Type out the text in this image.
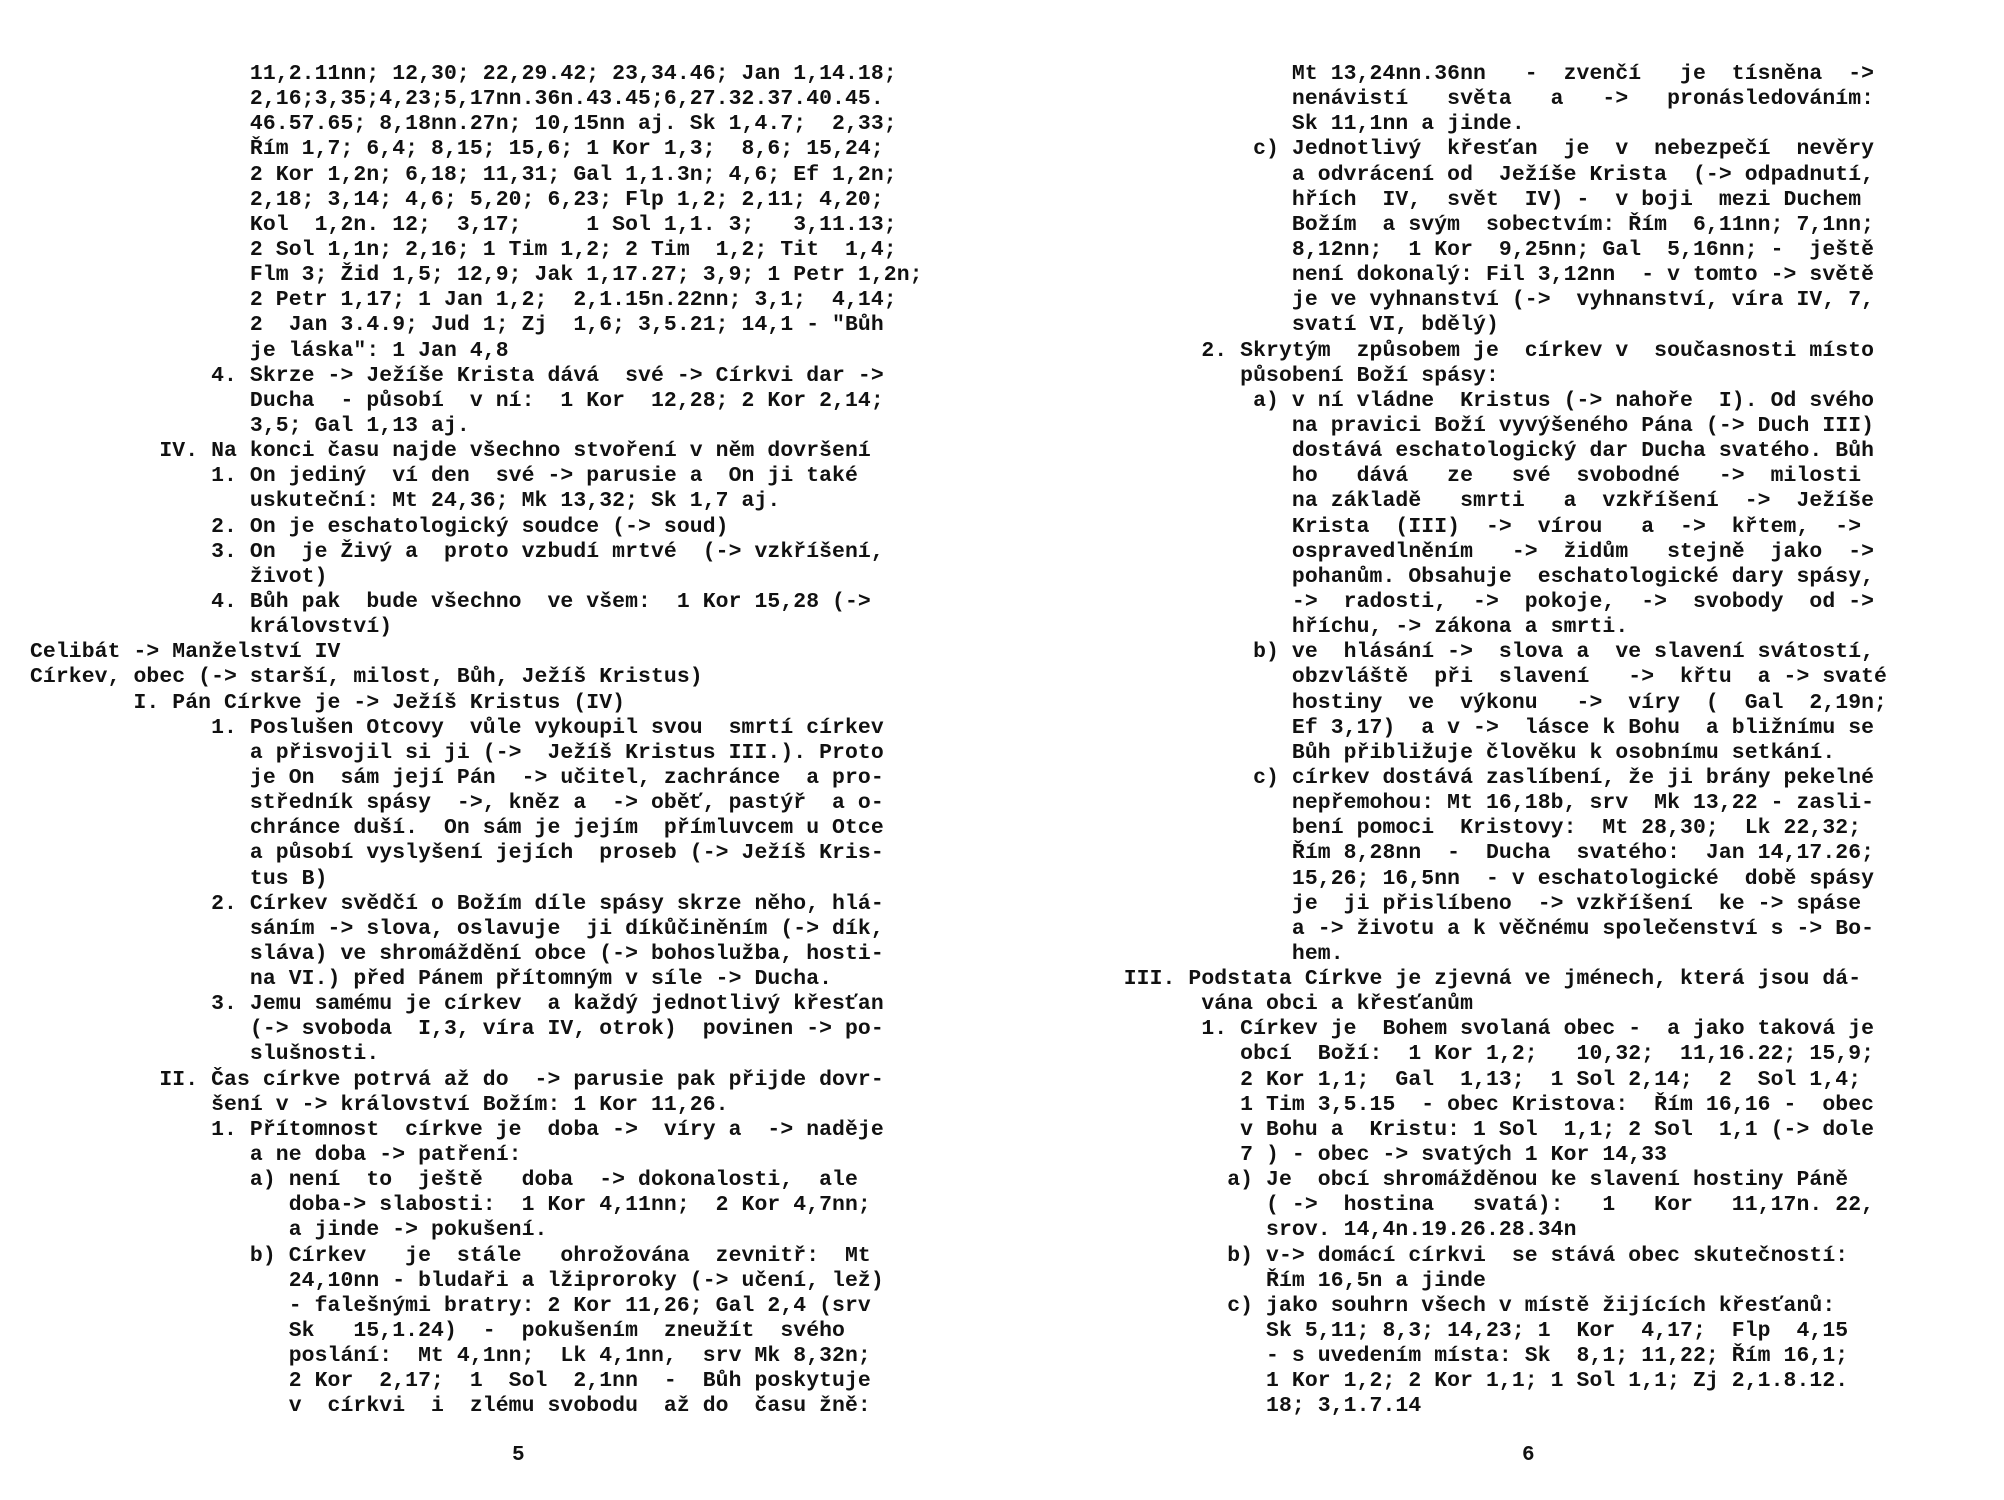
11,2.11nn; 12,30; 22,29.42; 23,34.46; Jan 1,14.18;
2,16;3,35;4,23;5,17nn.36n.43.45;6,27.32.37.40.45.
46.57.65; 8,18nn.27n; 10,15nn aj. Sk 1,4.7;  2,33;
Řím 1,7; 6,4; 8,15; 15,6; 1 Kor 1,3;  8,6; 15,24;
2 Kor 1,2n; 6,18; 11,31; Gal 1,1.3n; 4,6; Ef 1,2n;
2,18; 3,14; 4,6; 5,20; 6,23; Flp 1,2; 2,11; 4,20;
Kol  1,2n. 12;  3,17;     1 Sol 1,1. 3;   3,11.13;
2 Sol 1,1n; 2,16; 1 Tim 1,2; 2 Tim  1,2; Tit  1,4;
Flm 3; Žid 1,5; 12,9; Jak 1,17.27; 3,9; 1 Petr 1,2n;
2 Petr 1,17; 1 Jan 1,2;  2,1.15n.22nn; 3,1;  4,14;
2  Jan 3.4.9; Jud 1; Zj  1,6; 3,5.21; 14,1 - "Bůh
je láska": 1 Jan 4,8
4. Skrze -> Ježíše Krista dává  své -> Církvi dar ->
Ducha  - působí  v ní:  1 Kor  12,28; 2 Kor 2,14;
3,5; Gal 1,13 aj.
IV. Na konci času najde všechno stvoření v něm dovršení
1. On jediný  ví den  své -> parusie a  On ji také
uskuteční: Mt 24,36; Mk 13,32; Sk 1,7 aj.
2. On je eschatologický soudce (-> soud)
3. On  je Živý a  proto vzbudí mrtvé  (-> vzkříšení,
život)
4. Bůh pak  bude všechno  ve všem:  1 Kor 15,28 (->
království)
Celibát -> Manželství IV
Církev, obec (-> starší, milost, Bůh, Ježíš Kristus)
I. Pán Církve je -> Ježíš Kristus (IV)
1. Poslušen Otcovy  vůle vykoupil svou  smrtí církev
a přisvojil si ji (->  Ježíš Kristus III.). Proto
je On  sám její Pán  -> učitel, zachránce  a pro-
středník spásy  ->, kněz a  -> oběť, pastýř  a o-
chránce duší.  On sám je jejím  přímluvcem u Otce
a působí vyslyšení jejích  proseb (-> Ježíš Kris-
tus B)
2. Církev svědčí o Božím díle spásy skrze něho, hlá-
sáním -> slova, oslavuje  ji díkůčiněním (-> dík,
sláva) ve shromáždění obce (-> bohoslužba, hosti-
na VI.) před Pánem přítomným v síle -> Ducha.
3. Jemu samému je církev  a každý jednotlivý křesťan
(-> svoboda  I,3, víra IV, otrok)  povinen -> po-
slušnosti.
II. Čas církve potrvá až do  -> parusie pak přijde dovr-
šení v -> království Božím: 1 Kor 11,26.
1. Přítomnost  církve je  doba ->  víry a  -> naděje
a ne doba -> patření:
a) není  to  ještě   doba  -> dokonalosti,  ale
doba-> slabosti:  1 Kor 4,11nn;  2 Kor 4,7nn;
a jinde -> pokušení.
b) Církev   je  stále   ohrožována  zevnitř:  Mt
24,10nn - bludaři a lžiproroky (-> učení, lež)
- falešnými bratry: 2 Kor 11,26; Gal 2,4 (srv
Sk   15,1.24)  -  pokušením  zneužít  svého
poslání:  Mt 4,1nn;  Lk 4,1nn,  srv Mk 8,32n;
2 Kor  2,17;  1  Sol  2,1nn  -  Bůh poskytuje
v  církvi  i  zlému svobodu  až do  času žně:
5
Mt 13,24nn.36nn   -  zvenčí   je  tísněna  ->
nenávistí   světa   a   ->   pronásledováním:
Sk 11,1nn a jinde.
c) Jednotlivý  křesťan  je  v  nebezpečí  nevěry
a odvrácení od  Ježíše Krista  (-> odpadnutí,
hřích  IV,  svět  IV) -  v boji  mezi Duchem
Božím  a svým  sobectvím: Řím  6,11nn; 7,1nn;
8,12nn;  1 Kor  9,25nn; Gal  5,16nn; -  ještě
není dokonalý: Fil 3,12nn  - v tomto -> světě
je ve vyhnanství (->  vyhnanství, víra IV, 7,
svatí VI, bdělý)
2. Skrytým  způsobem je  církev v  současnosti místo
působení Boží spásy:
a) v ní vládne  Kristus (-> nahoře  I). Od svého
na pravici Boží vyvýšeného Pána (-> Duch III)
dostává eschatologický dar Ducha svatého. Bůh
ho   dává   ze   své  svobodné   ->  milosti
na základě   smrti   a  vzkříšení  ->  Ježíše
Krista  (III)  ->  vírou   a  ->  křtem,  ->
ospravedlněním   ->  židům   stejně  jako  ->
pohanům. Obsahuje  eschatologické dary spásy,
->  radosti,  ->  pokoje,  ->  svobody  od ->
hříchu, -> zákona a smrti.
b) ve  hlásání ->  slova a  ve slavení svátostí,
obzvláště  při  slavení   ->  křtu  a -> svaté
hostiny  ve  výkonu   ->  víry  (  Gal  2,19n;
Ef 3,17)  a v ->  lásce k Bohu  a bližnímu se
Bůh přibližuje člověku k osobnímu setkání.
c) církev dostává zaslíbení, že ji brány pekelné
nepřemohou: Mt 16,18b, srv  Mk 13,22 - zasli-
bení pomoci  Kristovy:  Mt 28,30;  Lk 22,32;
Řím 8,28nn  -  Ducha  svatého:  Jan 14,17.26;
15,26; 16,5nn  - v eschatologické  době spásy
je  ji přislíbeno  -> vzkříšení  ke -> spáse
a -> životu a k věčnému společenství s -> Bo-
hem.
III. Podstata Církve je zjevná ve jménech, která jsou dá-
vána obci a křesťanům
1. Církev je  Bohem svolaná obec -  a jako taková je
obcí  Boží:  1 Kor 1,2;   10,32;  11,16.22; 15,9;
2 Kor 1,1;  Gal  1,13;  1 Sol 2,14;  2  Sol 1,4;
1 Tim 3,5.15  - obec Kristova:  Řím 16,16 -  obec
v Bohu a  Kristu: 1 Sol  1,1; 2 Sol  1,1 (-> dole
7 ) - obec -> svatých 1 Kor 14,33
a) Je  obcí shromážděnou ke slavení hostiny Páně
( ->  hostina   svatá):   1   Kor   11,17n. 22,
srov. 14,4n.19.26.28.34n
b) v-> domácí církvi  se stává obec skutečností:
Řím 16,5n a jinde
c) jako souhrn všech v místě žijících křesťanů:
Sk 5,11; 8,3; 14,23; 1  Kor  4,17;  Flp  4,15
- s uvedením místa: Sk  8,1; 11,22; Řím 16,1;
1 Kor 1,2; 2 Kor 1,1; 1 Sol 1,1; Zj 2,1.8.12.
18; 3,1.7.14
6
